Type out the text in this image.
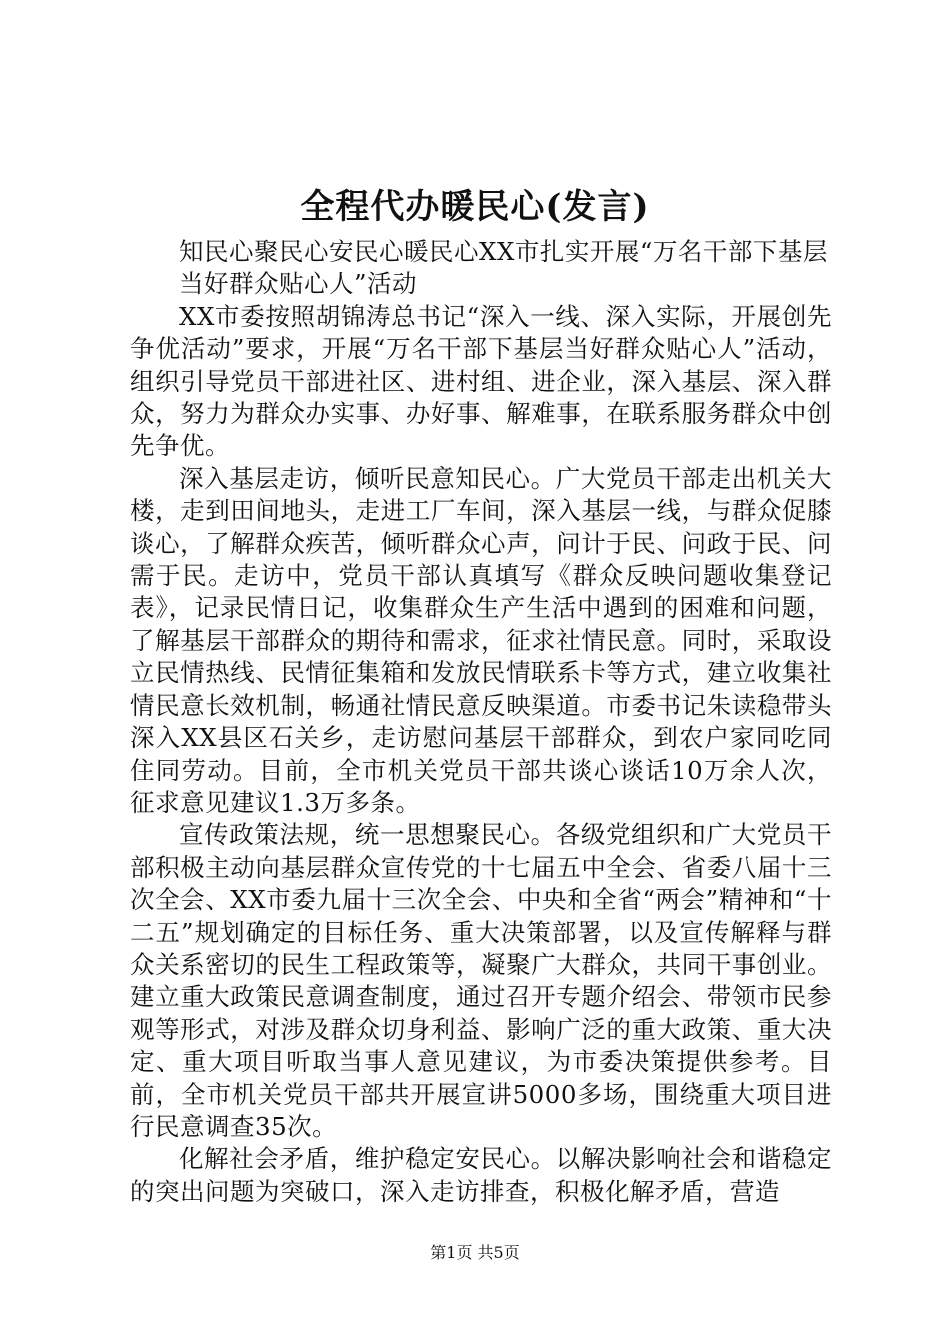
全程代办暖民心(发言)

知民心聚民心安民心暖民心XX市扎实开展“万名干部下基层

当好群众贴心人”活动

XX市委按照胡锦涛总书记“深入一线、深入实际，开展创先争优活动”要求，开展“万名干部下基层当好群众贴心人”活动，组织引导党员干部进社区、进村组、进企业，深入基层、深入群众，努力为群众办实事、办好事、解难事，在联系服务群众中创先争优。

深入基层走访，倾听民意知民心。广大党员干部走出机关大楼，走到田间地头，走进工厂车间，深入基层一线，与群众促膝谈心，了解群众疾苦，倾听群众心声，问计于民、问政于民、问需于民。走访中，党员干部认真填写《群众反映问题收集登记表》，记录民情日记，收集群众生产生活中遇到的困难和问题，了解基层干部群众的期待和需求，征求社情民意。同时，采取设立民情热线、民情征集箱和发放民情联系卡等方式，建立收集社情民意长效机制，畅通社情民意反映渠道。市委书记朱读稳带头深入XX县区石关乡，走访慰问基层干部群众，到农户家同吃同住同劳动。目前，全市机关党员干部共谈心谈话10万余人次，征求意见建议1.3万多条。

宣传政策法规，统一思想聚民心。各级党组织和广大党员干部积极主动向基层群众宣传党的十七届五中全会、省委八届十三次全会、XX市委九届十三次全会、中央和全省“两会”精神和“十二五”规划确定的目标任务、重大决策部署，以及宣传解释与群众关系密切的民生工程政策等，凝聚广大群众，共同干事创业。建立重大政策民意调查制度，通过召开专题介绍会、带领市民参观等形式，对涉及群众切身利益、影响广泛的重大政策、重大决定、重大项目听取当事人意见建议，为市委决策提供参考。目前，全市机关党员干部共开展宣讲5000多场，围绕重大项目进行民意调查35次。

化解社会矛盾，维护稳定安民心。以解决影响社会和谐稳定的突出问题为突破口，深入走访排查，积极化解矛盾，营造

第1页 共5页
